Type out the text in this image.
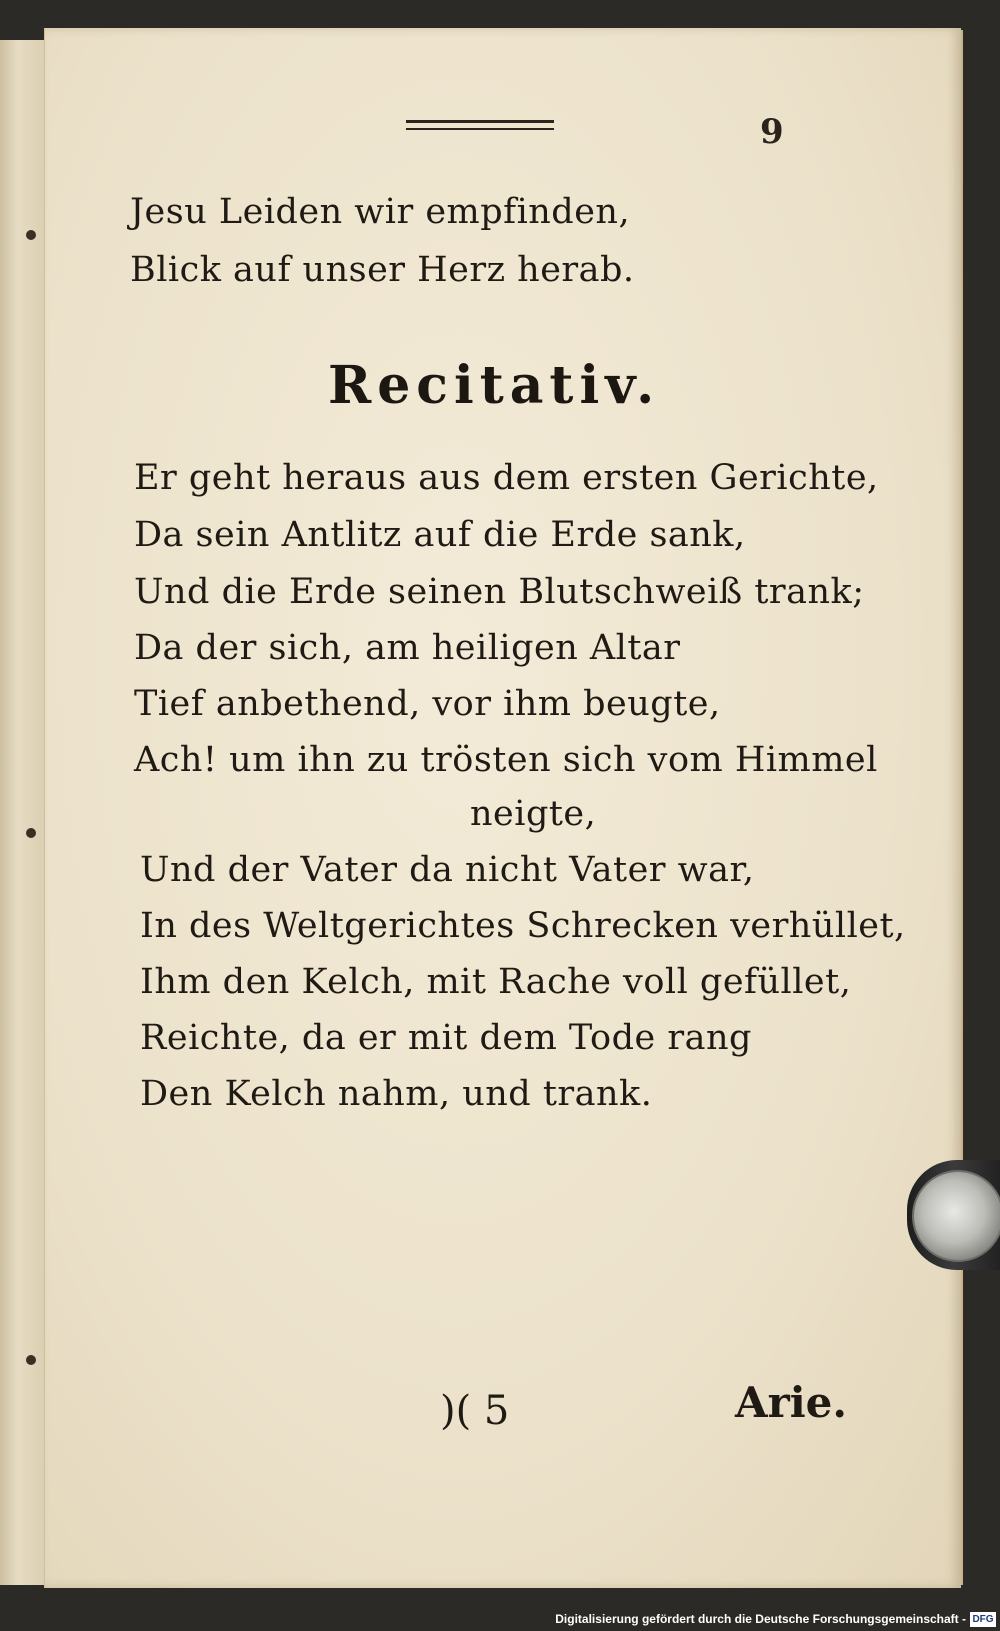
9
Jesu Leiden wir empfinden,
Blick auf unser Herz herab.
Recitativ.
Er geht heraus aus dem ersten Gerichte,
Da sein Antlitz auf die Erde sank,
Und die Erde seinen Blutschweiß trank;
Da der sich, am heiligen Altar
Tief anbethend, vor ihm beugte,
Ach! um ihn zu trösten sich vom Himmel
neigte,
Und der Vater da nicht Vater war,
In des Weltgerichtes Schrecken verhüllet,
Ihm den Kelch, mit Rache voll gefüllet,
Reichte, da er mit dem Tode rang
Den Kelch nahm, und trank.
)( 5	Arie.
Digitalisierung gefördert durch die Deutsche Forschungsgemeinschaft - DFG
